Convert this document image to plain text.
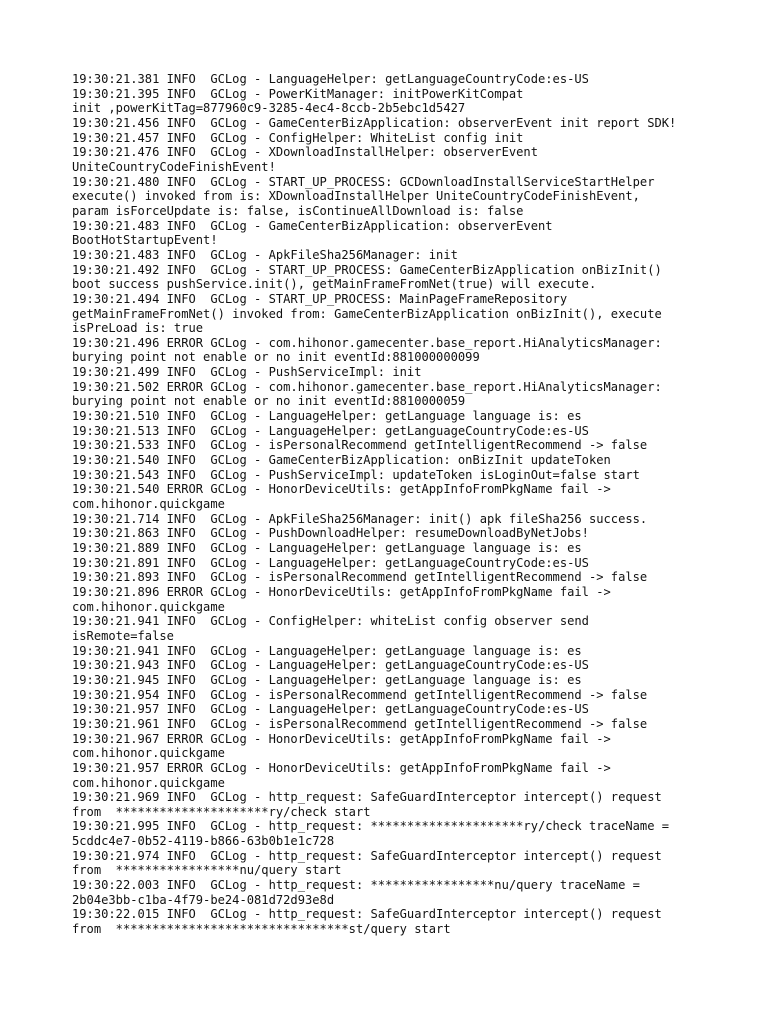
19:30:21.381 INFO  GCLog - LanguageHelper: getLanguageCountryCode:es-US
19:30:21.395 INFO  GCLog - PowerKitManager: initPowerKitCompat
init ,powerKitTag=877960c9-3285-4ec4-8ccb-2b5ebc1d5427
19:30:21.456 INFO  GCLog - GameCenterBizApplication: observerEvent init report SDK!
19:30:21.457 INFO  GCLog - ConfigHelper: WhiteList config init
19:30:21.476 INFO  GCLog - XDownloadInstallHelper: observerEvent
UniteCountryCodeFinishEvent!
19:30:21.480 INFO  GCLog - START_UP_PROCESS: GCDownloadInstallServiceStartHelper
execute() invoked from is: XDownloadInstallHelper UniteCountryCodeFinishEvent,
param isForceUpdate is: false, isContinueAllDownload is: false
19:30:21.483 INFO  GCLog - GameCenterBizApplication: observerEvent
BootHotStartupEvent!
19:30:21.483 INFO  GCLog - ApkFileSha256Manager: init
19:30:21.492 INFO  GCLog - START_UP_PROCESS: GameCenterBizApplication onBizInit()
boot success pushService.init(), getMainFrameFromNet(true) will execute.
19:30:21.494 INFO  GCLog - START_UP_PROCESS: MainPageFrameRepository
getMainFrameFromNet() invoked from: GameCenterBizApplication onBizInit(), execute
isPreLoad is: true
19:30:21.496 ERROR GCLog - com.hihonor.gamecenter.base_report.HiAnalyticsManager:
burying point not enable or no init eventId:881000000099
19:30:21.499 INFO  GCLog - PushServiceImpl: init
19:30:21.502 ERROR GCLog - com.hihonor.gamecenter.base_report.HiAnalyticsManager:
burying point not enable or no init eventId:8810000059
19:30:21.510 INFO  GCLog - LanguageHelper: getLanguage language is: es
19:30:21.513 INFO  GCLog - LanguageHelper: getLanguageCountryCode:es-US
19:30:21.533 INFO  GCLog - isPersonalRecommend getIntelligentRecommend -> false
19:30:21.540 INFO  GCLog - GameCenterBizApplication: onBizInit updateToken
19:30:21.543 INFO  GCLog - PushServiceImpl: updateToken isLoginOut=false start
19:30:21.540 ERROR GCLog - HonorDeviceUtils: getAppInfoFromPkgName fail ->
com.hihonor.quickgame
19:30:21.714 INFO  GCLog - ApkFileSha256Manager: init() apk fileSha256 success.
19:30:21.863 INFO  GCLog - PushDownloadHelper: resumeDownloadByNetJobs!
19:30:21.889 INFO  GCLog - LanguageHelper: getLanguage language is: es
19:30:21.891 INFO  GCLog - LanguageHelper: getLanguageCountryCode:es-US
19:30:21.893 INFO  GCLog - isPersonalRecommend getIntelligentRecommend -> false
19:30:21.896 ERROR GCLog - HonorDeviceUtils: getAppInfoFromPkgName fail ->
com.hihonor.quickgame
19:30:21.941 INFO  GCLog - ConfigHelper: whiteList config observer send
isRemote=false
19:30:21.941 INFO  GCLog - LanguageHelper: getLanguage language is: es
19:30:21.943 INFO  GCLog - LanguageHelper: getLanguageCountryCode:es-US
19:30:21.945 INFO  GCLog - LanguageHelper: getLanguage language is: es
19:30:21.954 INFO  GCLog - isPersonalRecommend getIntelligentRecommend -> false
19:30:21.957 INFO  GCLog - LanguageHelper: getLanguageCountryCode:es-US
19:30:21.961 INFO  GCLog - isPersonalRecommend getIntelligentRecommend -> false
19:30:21.967 ERROR GCLog - HonorDeviceUtils: getAppInfoFromPkgName fail ->
com.hihonor.quickgame
19:30:21.957 ERROR GCLog - HonorDeviceUtils: getAppInfoFromPkgName fail ->
com.hihonor.quickgame
19:30:21.969 INFO  GCLog - http_request: SafeGuardInterceptor intercept() request
from  *********************ry/check start
19:30:21.995 INFO  GCLog - http_request: *********************ry/check traceName =
5cddc4e7-0b52-4119-b866-63b0b1e1c728
19:30:21.974 INFO  GCLog - http_request: SafeGuardInterceptor intercept() request
from  *****************nu/query start
19:30:22.003 INFO  GCLog - http_request: *****************nu/query traceName =
2b04e3bb-c1ba-4f79-be24-081d72d93e8d
19:30:22.015 INFO  GCLog - http_request: SafeGuardInterceptor intercept() request
from  ********************************st/query start
